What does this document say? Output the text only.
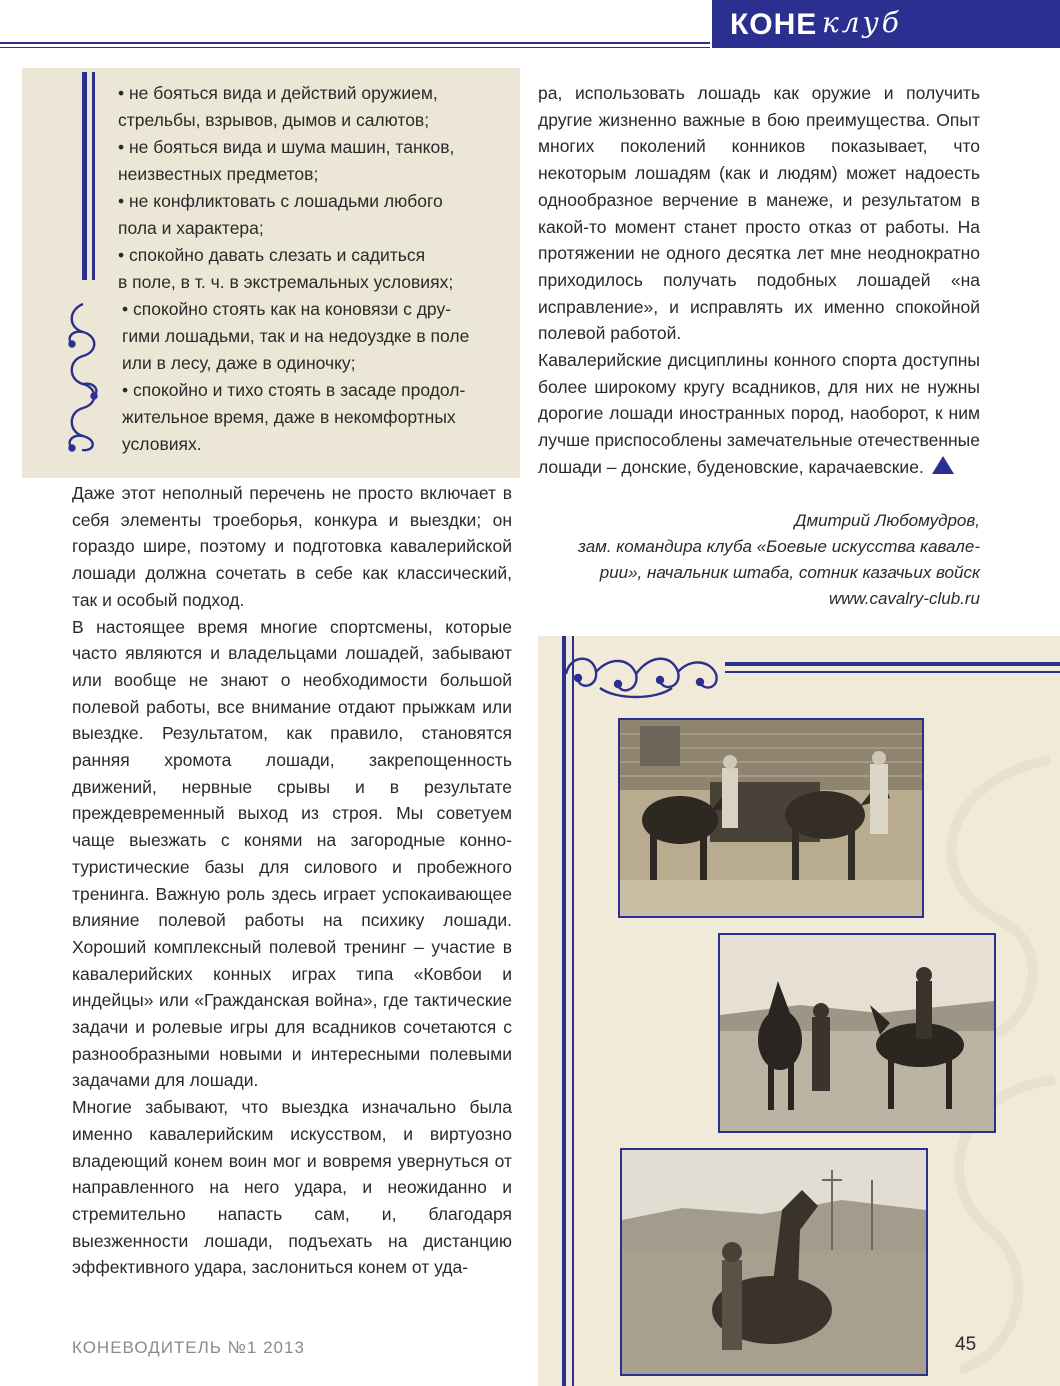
КОНЕ клуб

• не бояться вида и действий оружием,

стрельбы, взрывов, дымов и салютов;

• не бояться вида и шума машин, танков,

неизвестных предметов;

• не конфликтовать с лошадьми любого

пола и характера;

• спокойно давать слезать и садиться

в поле, в т. ч. в экстремальных условиях;

• спокойно стоять как на коновязи с дру-

гими лошадьми, так и на недоуздке в поле

или в лесу, даже в одиночку;

• спокойно и тихо стоять в засаде продол-

жительное время, даже в некомфортных

условиях.

Даже этот неполный перечень не просто включает в себя элементы троеборья, конкура и выездки; он гораздо шире, поэтому и подготовка кавалерийской лошади должна сочетать в себе как классический, так и особый подход.

В настоящее время многие спортсмены, которые часто являются и владельцами лошадей, забывают или вообще не знают о необходимости большой полевой работы, все внимание отдают прыжкам или выездке. Результатом, как правило, становятся ранняя хромота лошади, закрепощенность движений, нервные срывы и в результате преждевременный выход из строя. Мы советуем чаще выезжать с конями на загородные конно-туристические базы для силового и пробежного тренинга. Важную роль здесь играет успокаивающее влияние полевой работы на психику лошади. Хороший комплексный полевой тренинг – участие в кавалерийских конных играх типа «Ковбои и индейцы» или «Гражданская война», где тактические задачи и ролевые игры для всадников сочетаются с разнообразными новыми и интересными полевыми задачами для лошади.

Многие забывают, что выездка изначально была именно кавалерийским искусством, и виртуозно владеющий конем воин мог и вовремя увернуться от направленного на него удара, и неожиданно и стремительно напасть сам, и, благодаря выезженности лошади, подъехать на дистанцию эффективного удара, заслониться конем от уда-

ра, использовать лошадь как оружие и получить другие жизненно важные в бою преимущества. Опыт многих поколений конников показывает, что некоторым лошадям (как и людям) может надоесть однообразное верчение в манеже, и результатом в какой-то момент станет просто отказ от работы. На протяжении не одного десятка лет мне неоднократно приходилось получать подобных лошадей «на исправление», и исправлять их именно спокойной полевой работой.

Кавалерийские дисциплины конного спорта доступны более широкому кругу всадников, для них не нужны дорогие лошади иностранных пород, наоборот, к ним лучше приспособлены замечательные отечественные лошади – донские, буденовские, карачаевские.

Дмитрий Любомудров,

зам. командира клуба «Боевые искусства кавале-

рии», начальник штаба, сотник казачьих войск

www.cavalry-club.ru

КОНЕВОДИТЕЛЬ №1 2013	45
